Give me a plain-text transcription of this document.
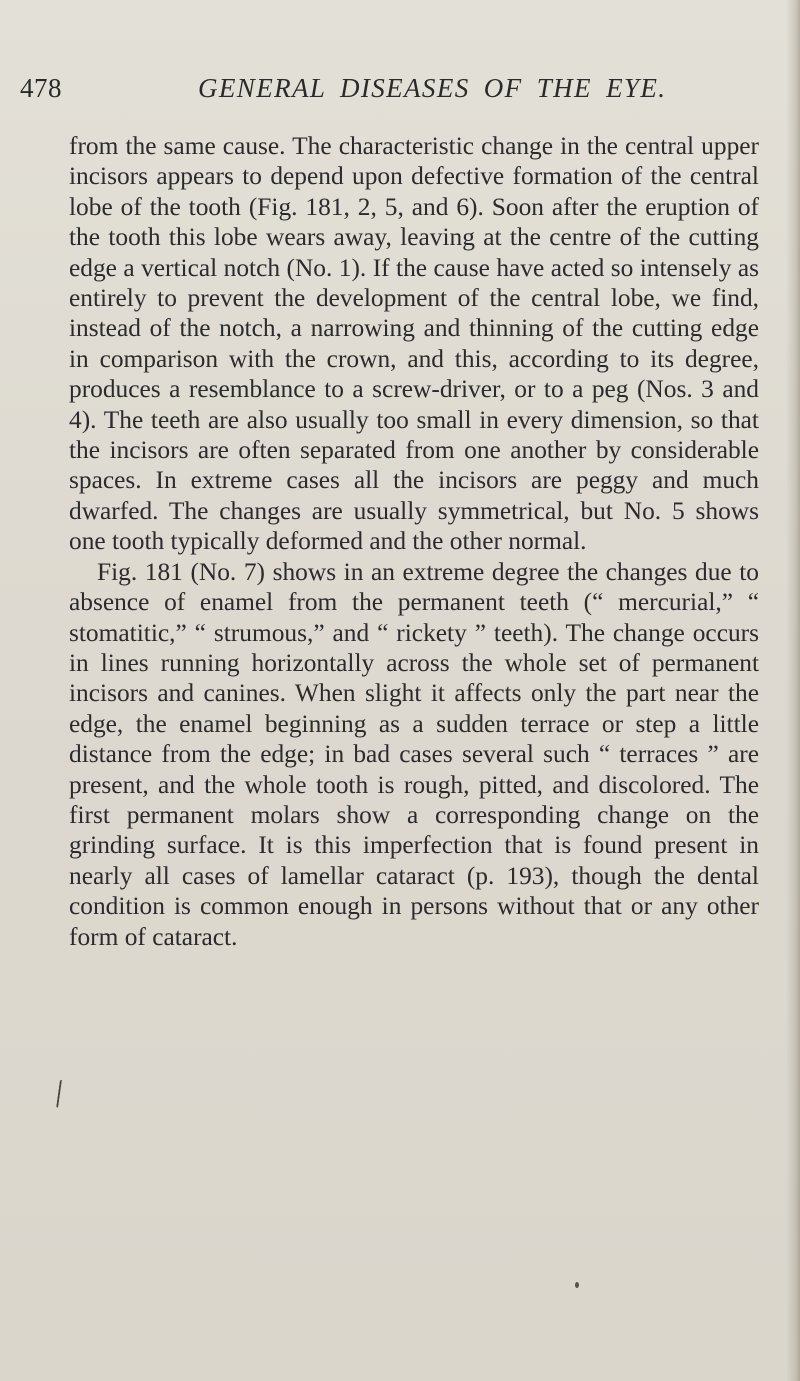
478	GENERAL DISEASES OF THE EYE.

from the same cause. The characteristic change in the central upper incisors appears to depend upon defective formation of the central lobe of the tooth (Fig. 181, 2, 5, and 6). Soon after the eruption of the tooth this lobe wears away, leaving at the centre of the cutting edge a vertical notch (No. 1). If the cause have acted so intensely as entirely to prevent the development of the central lobe, we find, instead of the notch, a narrowing and thinning of the cutting edge in comparison with the crown, and this, according to its degree, produces a resemblance to a screw-driver, or to a peg (Nos. 3 and 4). The teeth are also usually too small in every dimension, so that the incisors are often separated from one another by considerable spaces. In extreme cases all the incisors are peggy and much dwarfed. The changes are usually symmetrical, but No. 5 shows one tooth typically deformed and the other normal.

Fig. 181 (No. 7) shows in an extreme degree the changes due to absence of enamel from the permanent teeth (“ mercurial,” “ stomatitic,” “ strumous,” and “ rickety ” teeth). The change occurs in lines running horizontally across the whole set of permanent incisors and canines. When slight it affects only the part near the edge, the enamel beginning as a sudden terrace or step a little distance from the edge; in bad cases several such “ terraces ” are present, and the whole tooth is rough, pitted, and discolored. The first permanent molars show a corresponding change on the grinding surface. It is this imperfection that is found present in nearly all cases of lamellar cataract (p. 193), though the dental condition is common enough in persons without that or any other form of cataract.
